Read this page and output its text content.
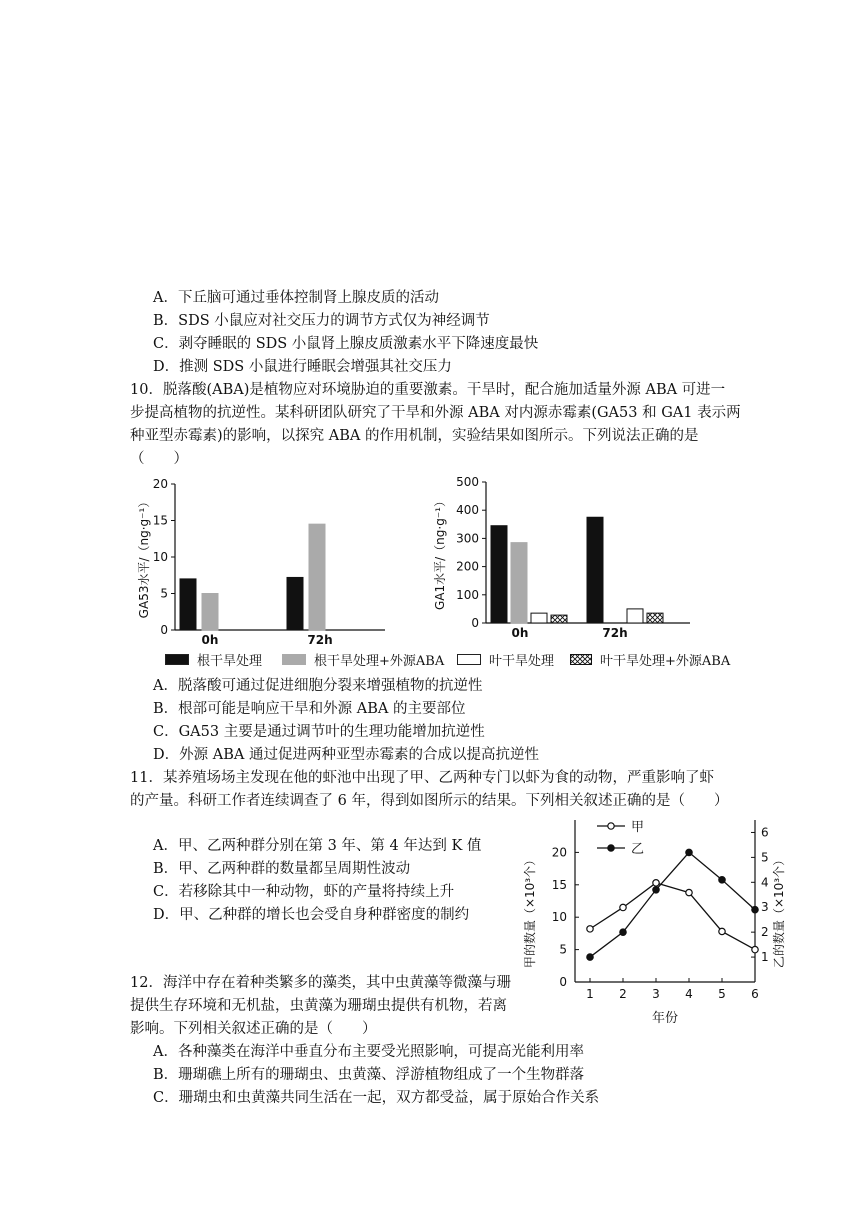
A．下丘脑可通过垂体控制肾上腺皮质的活动
B．SDS 小鼠应对社交压力的调节方式仅为神经调节
C．剥夺睡眠的 SDS 小鼠肾上腺皮质激素水平下降速度最快
D．推测 SDS 小鼠进行睡眠会增强其社交压力
10．脱落酸(ABA)是植物应对环境胁迫的重要激素。干旱时，配合施加适量外源 ABA 可进一
步提高植物的抗逆性。某科研团队研究了干旱和外源 ABA 对内源赤霉素(GA53 和 GA1 表示两
种亚型赤霉素)的影响，以探究 ABA 的作用机制，实验结果如图所示。下列说法正确的是
（　　）
0
5
10
15
20
GA53水平/（ng·g⁻¹）
0h	72h
0
100
200
300
400
500
GA1水平/（ng·g⁻¹）
0h	72h
根干旱处理	根干旱处理+外源ABA	叶干旱处理	叶干旱处理+外源ABA
A．脱落酸可通过促进细胞分裂来增强植物的抗逆性
B．根部可能是响应干旱和外源 ABA 的主要部位
C．GA53 主要是通过调节叶的生理功能增加抗逆性
D．外源 ABA 通过促进两种亚型赤霉素的合成以提高抗逆性
11．某养殖场场主发现在他的虾池中出现了甲、乙两种专门以虾为食的动物，严重影响了虾
的产量。科研工作者连续调查了 6 年，得到如图所示的结果。下列相关叙述正确的是（　　）
A．甲、乙两种群分别在第 3 年、第 4 年达到 K 值
B．甲、乙两种群的数量都呈周期性波动
C．若移除其中一种动物，虾的产量将持续上升
D．甲、乙种群的增长也会受自身种群密度的制约
12．海洋中存在着种类繁多的藻类，其中虫黄藻等微藻与珊
提供生存环境和无机盐，虫黄藻为珊瑚虫提供有机物，若离
影响。下列相关叙述正确的是（　　）
A．各种藻类在海洋中垂直分布主要受光照影响，可提高光能利用率
B．珊瑚礁上所有的珊瑚虫、虫黄藻、浮游植物组成了一个生物群落
C．珊瑚虫和虫黄藻共同生活在一起，双方都受益，属于原始合作关系
0
5
10
15
20
1
2
3
4
5
6
1 2 3 4 5 6
年份
甲的数量（×10³个）	乙的数量（×10³个）
甲
乙
